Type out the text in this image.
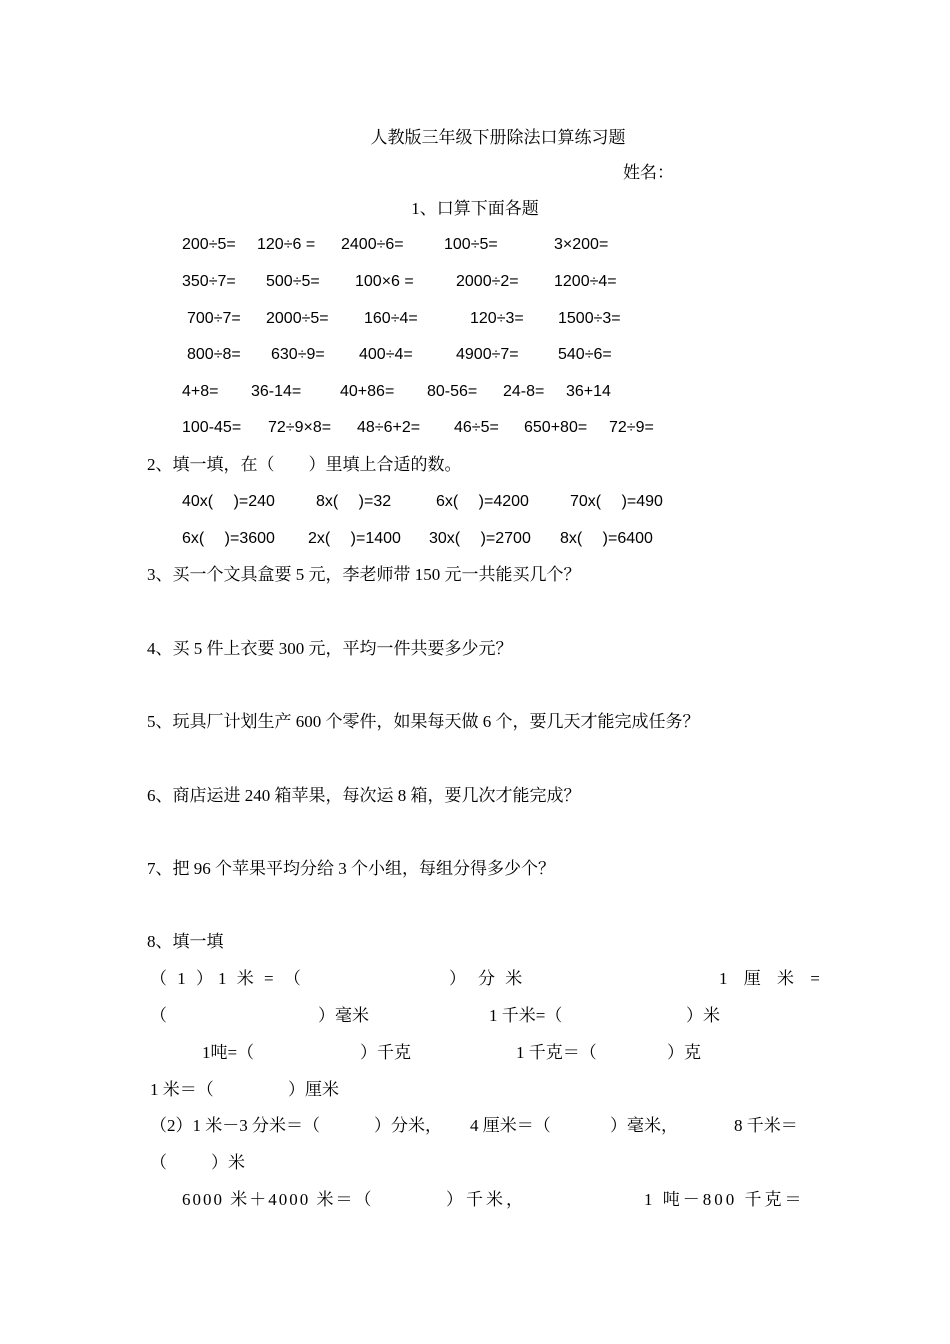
人教版三年级下册除法口算练习题
姓名：
1、口算下面各题
200÷5= 120÷6 = 2400÷6=	100÷5=	3×200=
350÷7= 500÷5= 100×6 =	2000÷2= 1200÷4=
700÷7= 2000÷5= 160÷4=	120÷3= 1500÷3=
800÷8= 630÷9= 400÷4=	4900÷7= 540÷6=
4+8= 36-14= 40+86= 80-56= 24-8= 36+14
100-45= 72÷9×8= 48÷6+2= 46÷5= 650+80= 72÷9=
2、填一填，在（　　）里填上合适的数。
40x(　 )=240	8x(　 )=32	6x(　 )=4200	70x(　 )=490
6x(　 )=3600 2x(　 )=1400 30x(　 )=2700 8x(　 )=6400
3、买一个文具盒要 5 元，李老师带 150 元一共能买几个？
4、买 5 件上衣要 300 元，平均一件共要多少元？
5、玩具厂计划生产 600 个零件，如果每天做 6 个，要几天才能完成任务？
6、商店运进 240 箱苹果，每次运 8 箱，要几次才能完成？
7、把 96 个苹果平均分给 3 个小组，每组分得多少个？
8、填一填
（ 1 ） 1 米 = （	） 分 米	1 厘 米 =
（	）毫米	1 千米=（	）米
1吨=（	）千克	1 千克＝（	）克
1 米＝（	）厘米
（2）1 米－3 分米＝（	）分米， 4 厘米＝（	）毫米，	8 千米＝
（	）米
6000 米＋4000 米＝（	）千米，	1 吨－800 千克＝
